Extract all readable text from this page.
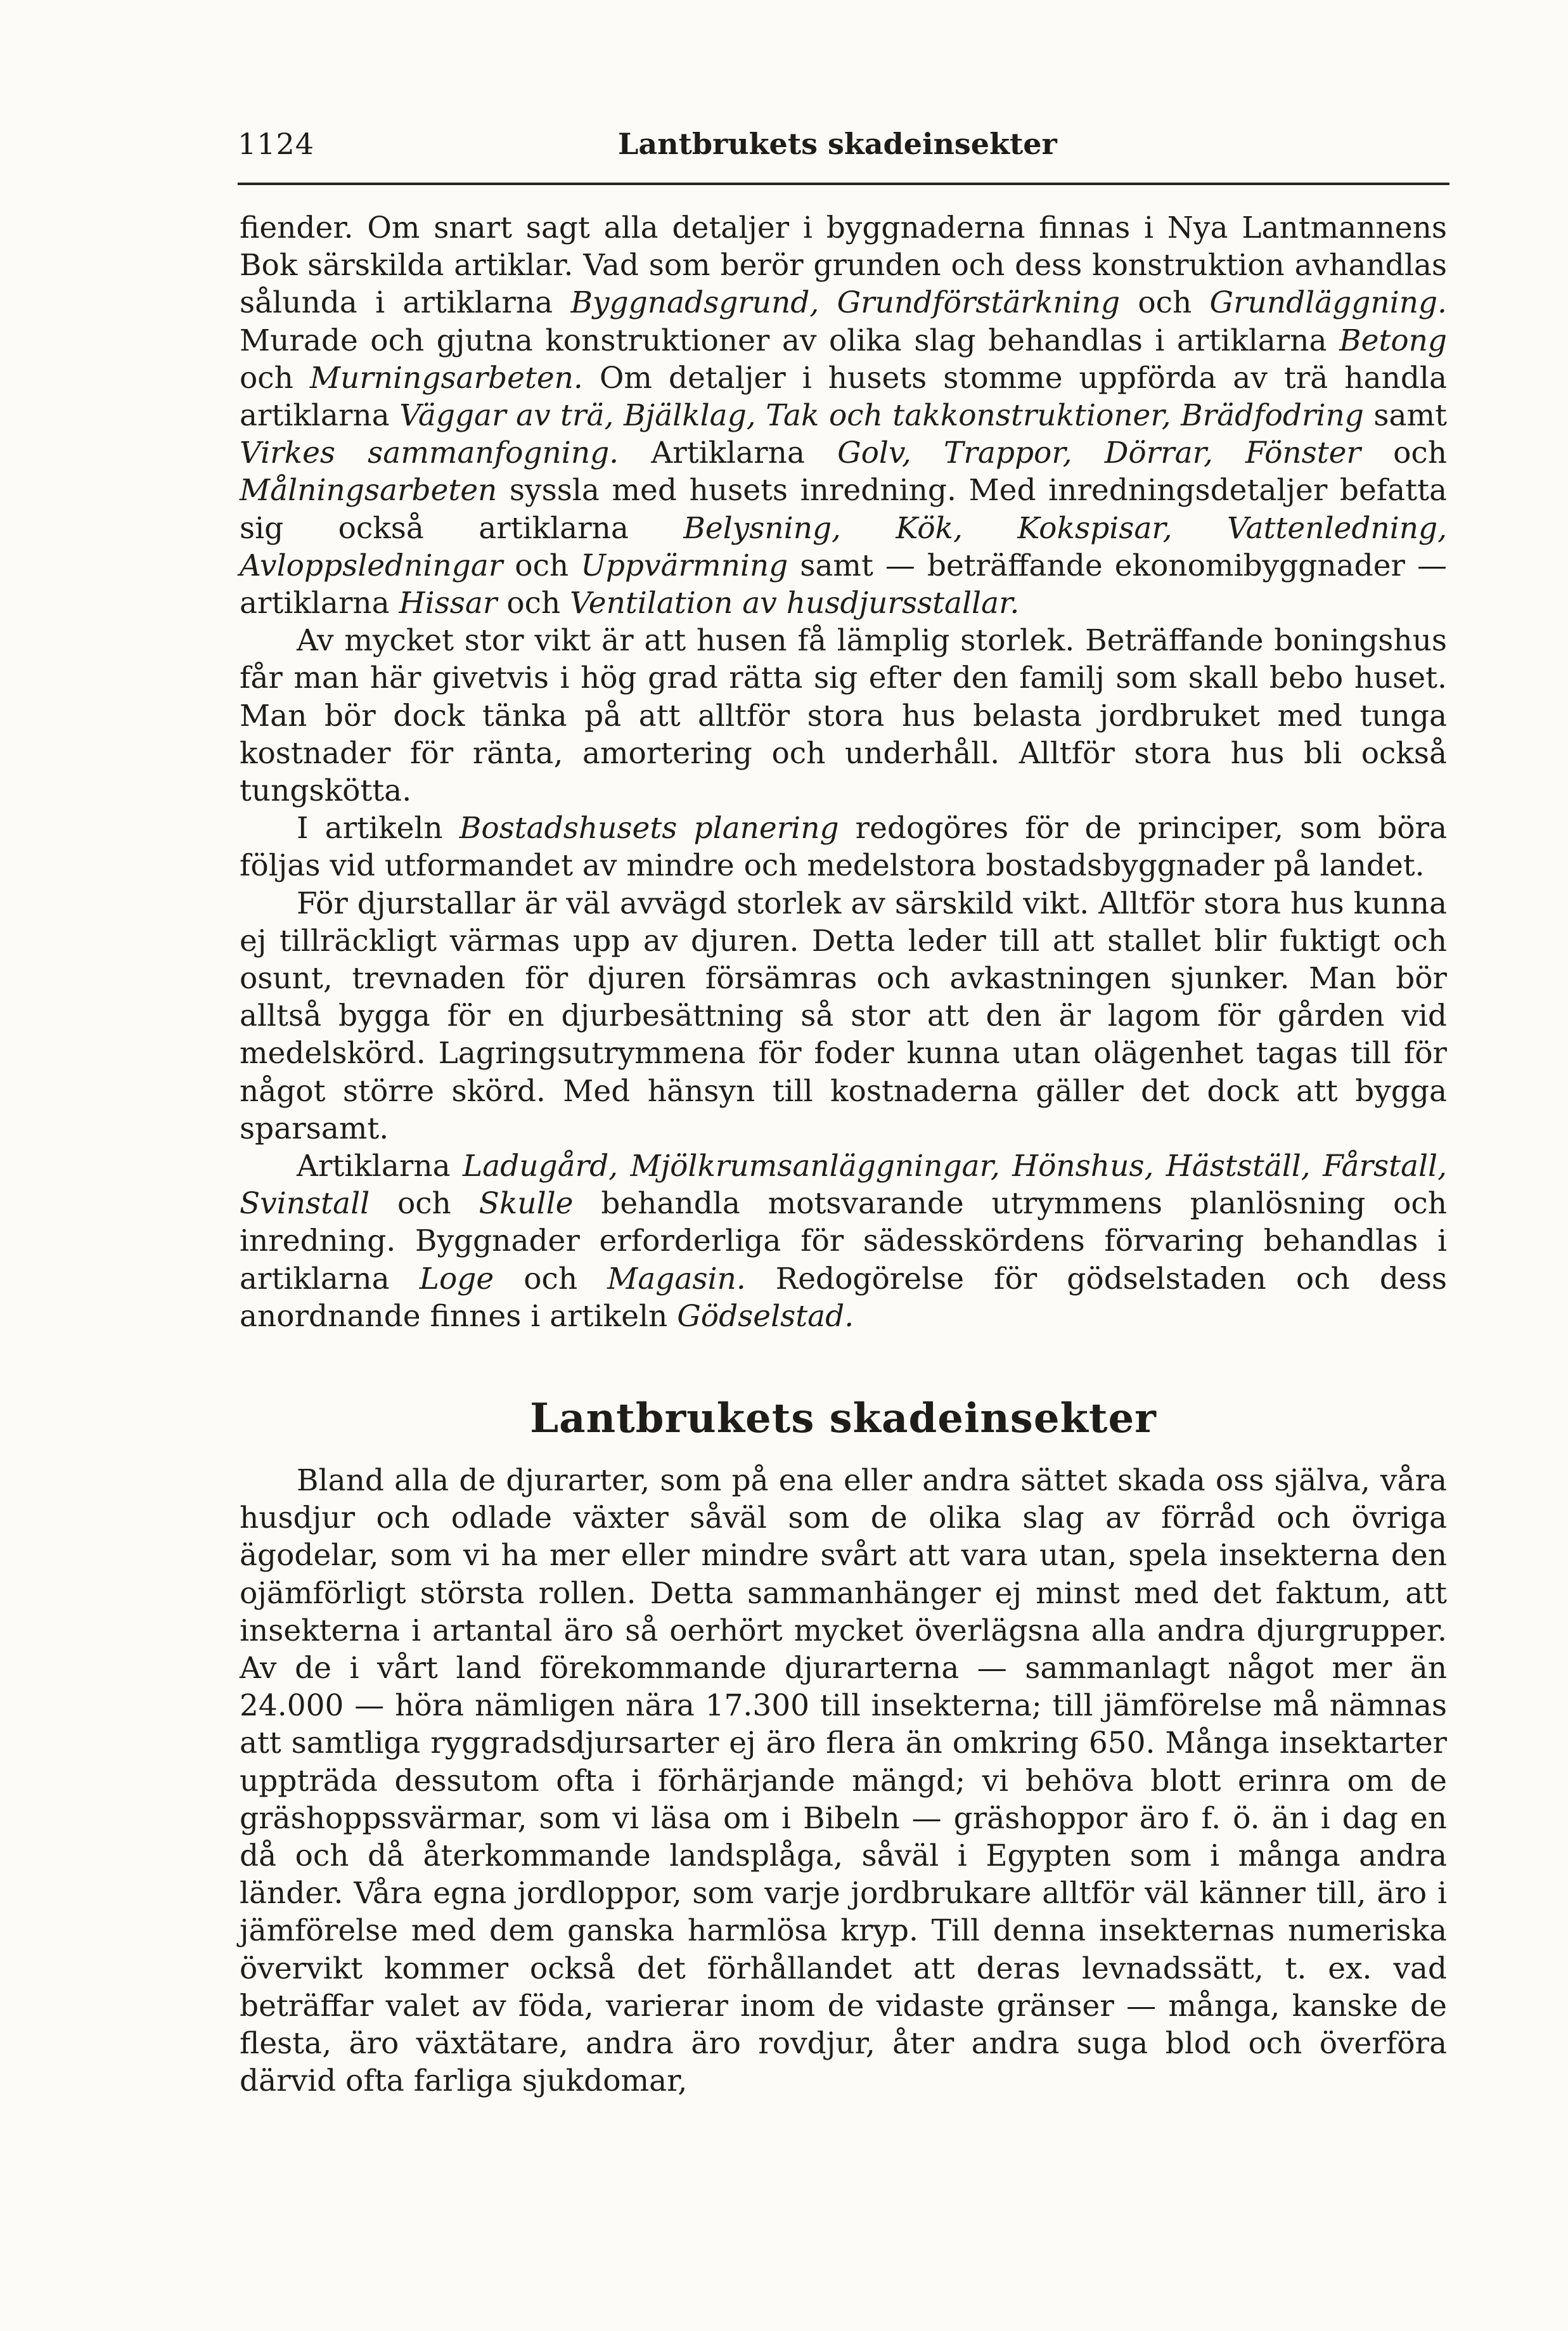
1124	Lantbrukets skadeinsekter

fiender. Om snart sagt alla detaljer i byggnaderna finnas i Nya Lantmannens Bok särskilda artiklar. Vad som berör grunden och dess konstruktion avhandlas sålunda i artiklarna Byggnadsgrund, Grundförstärkning och Grundläggning. Murade och gjutna konstruktioner av olika slag behandlas i artiklarna Betong och Murningsarbeten. Om detaljer i husets stomme uppförda av trä handla artiklarna Väggar av trä, Bjälklag, Tak och takkonstruktioner, Brädfodring samt Virkes sammanfogning. Artiklarna Golv, Trappor, Dörrar, Fönster och Målningsarbeten syssla med husets inredning. Med inredningsdetaljer befatta sig också artiklarna Belysning, Kök, Kokspisar, Vattenledning, Avloppsledningar och Uppvärmning samt — beträffande ekonomibyggnader — artiklarna Hissar och Ventilation av husdjursstallar.

Av mycket stor vikt är att husen få lämplig storlek. Beträffande boningshus får man här givetvis i hög grad rätta sig efter den familj som skall bebo huset. Man bör dock tänka på att alltför stora hus belasta jordbruket med tunga kostnader för ränta, amortering och underhåll. Alltför stora hus bli också tungskötta.

I artikeln Bostadshusets planering redogöres för de principer, som böra följas vid utformandet av mindre och medelstora bostadsbyggnader på landet.

För djurstallar är väl avvägd storlek av särskild vikt. Alltför stora hus kunna ej tillräckligt värmas upp av djuren. Detta leder till att stallet blir fuktigt och osunt, trevnaden för djuren försämras och avkastningen sjunker. Man bör alltså bygga för en djurbesättning så stor att den är lagom för gården vid medelskörd. Lagringsutrymmena för foder kunna utan olägenhet tagas till för något större skörd. Med hänsyn till kostnaderna gäller det dock att bygga sparsamt.

Artiklarna Ladugård, Mjölkrumsanläggningar, Hönshus, Hästställ, Fårstall, Svinstall och Skulle behandla motsvarande utrymmens planlösning och inredning. Byggnader erforderliga för sädesskördens förvaring behandlas i artiklarna Loge och Magasin. Redogörelse för gödselstaden och dess anordnande finnes i artikeln Gödselstad.

Lantbrukets skadeinsekter

Bland alla de djurarter, som på ena eller andra sättet skada oss själva, våra husdjur och odlade växter såväl som de olika slag av förråd och övriga ägodelar, som vi ha mer eller mindre svårt att vara utan, spela insekterna den ojämförligt största rollen. Detta sammanhänger ej minst med det faktum, att insekterna i artantal äro så oerhört mycket överlägsna alla andra djurgrupper. Av de i vårt land förekommande djurarterna — sammanlagt något mer än 24.000 — höra nämligen nära 17.300 till insekterna; till jämförelse må nämnas att samtliga ryggradsdjursarter ej äro flera än omkring 650. Många insektarter uppträda dessutom ofta i förhärjande mängd; vi behöva blott erinra om de gräshoppssvärmar, som vi läsa om i Bibeln — gräshoppor äro f. ö. än i dag en då och då återkommande landsplåga, såväl i Egypten som i många andra länder. Våra egna jordloppor, som varje jordbrukare alltför väl känner till, äro i jämförelse med dem ganska harmlösa kryp. Till denna insekternas numeriska övervikt kommer också det förhållandet att deras levnadssätt, t. ex. vad beträffar valet av föda, varierar inom de vidaste gränser — många, kanske de flesta, äro växtätare, andra äro rovdjur, åter andra suga blod och överföra därvid ofta farliga sjukdomar,
